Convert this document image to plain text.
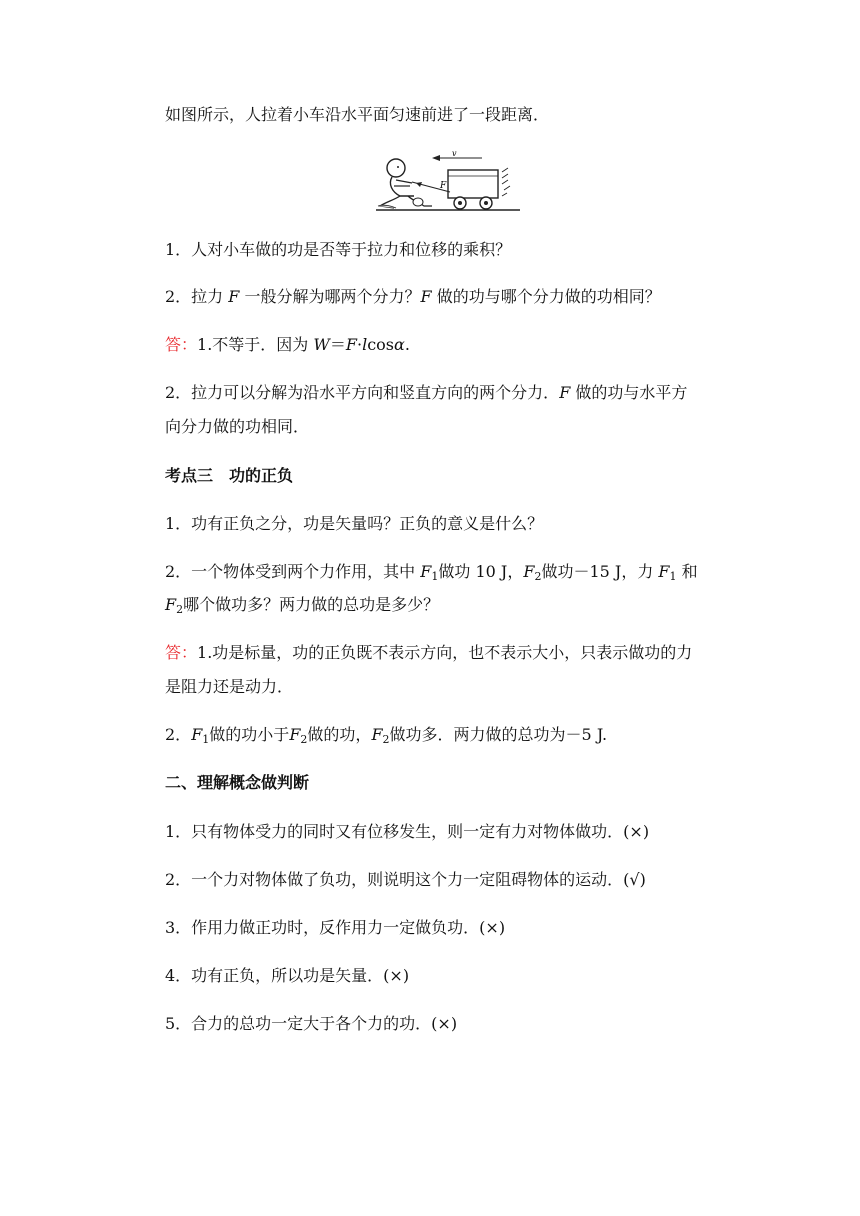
如图所示，人拉着小车沿水平面匀速前进了一段距离．
v
F
1．人对小车做的功是否等于拉力和位移的乘积？
2．拉力 F 一般分解为哪两个分力？F 做的功与哪个分力做的功相同？
答：1.不等于．因为 W＝F·lcosα.
2．拉力可以分解为沿水平方向和竖直方向的两个分力．F 做的功与水平方
向分力做的功相同．
考点三　功的正负
1．功有正负之分，功是矢量吗？正负的意义是什么？
2．一个物体受到两个力作用，其中 $F_1$做功 10 J，$F_2$做功－15 J，力 $F_1$ 和
$F_2$哪个做功多？两力做的总功是多少？
答：1.功是标量，功的正负既不表示方向，也不表示大小，只表示做功的力
是阻力还是动力．
2．$F_1$做的功小于$F_2$做的功，$F_2$做功多．两力做的总功为－5 J.
二、理解概念做判断
1．只有物体受力的同时又有位移发生，则一定有力对物体做功．(×)
2．一个力对物体做了负功，则说明这个力一定阻碍物体的运动．(√)
3．作用力做正功时，反作用力一定做负功．(×)
4．功有正负，所以功是矢量．(×)
5．合力的总功一定大于各个力的功．(×)
